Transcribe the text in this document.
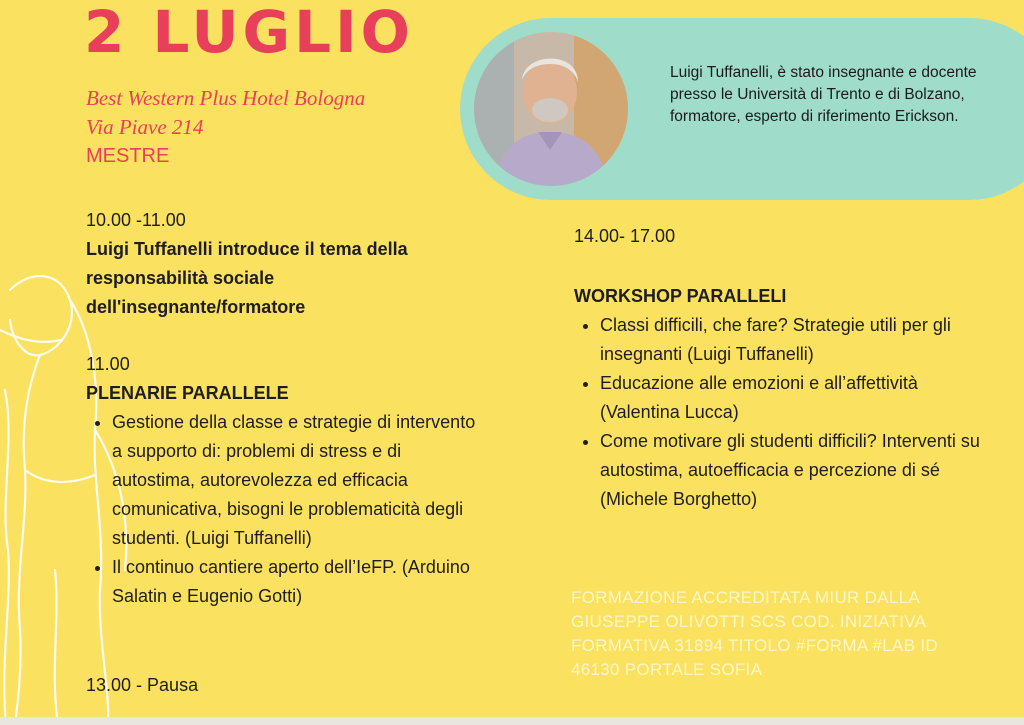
2 LUGLIO
Best Western Plus Hotel Bologna
Via Piave 214
MESTRE

10.00 -11.00

Luigi Tuffanelli introduce il tema della responsabilità sociale dell'insegnante/formatore

11.00

PLENARIE PARALLELE

• Gestione della classe e strategie di intervento a supporto di: problemi di stress e di autostima, autorevolezza ed efficacia comunicativa, bisogni le problematicità degli studenti. (Luigi Tuffanelli)
• Il continuo cantiere aperto dell’IeFP. (Arduino Salatin e Eugenio Gotti)

13.00 - Pausa

Luigi Tuffanelli, è stato insegnante e docente presso le Università di Trento e di Bolzano, formatore, esperto di riferimento Erickson.

14.00- 17.00

WORKSHOP PARALLELI

• Classi difficili, che fare? Strategie utili per gli insegnanti (Luigi Tuffanelli)
• Educazione alle emozioni e all’affettività (Valentina Lucca)
• Come motivare gli studenti difficili? Interventi su autostima, autoefficacia e percezione di sé (Michele Borghetto)
FORMAZIONE ACCREDITATA MIUR DALLA GIUSEPPE OLIVOTTI SCS COD. INIZIATIVA FORMATIVA 31894 TITOLO #FORMA #LAB ID 46130 PORTALE SOFIA
